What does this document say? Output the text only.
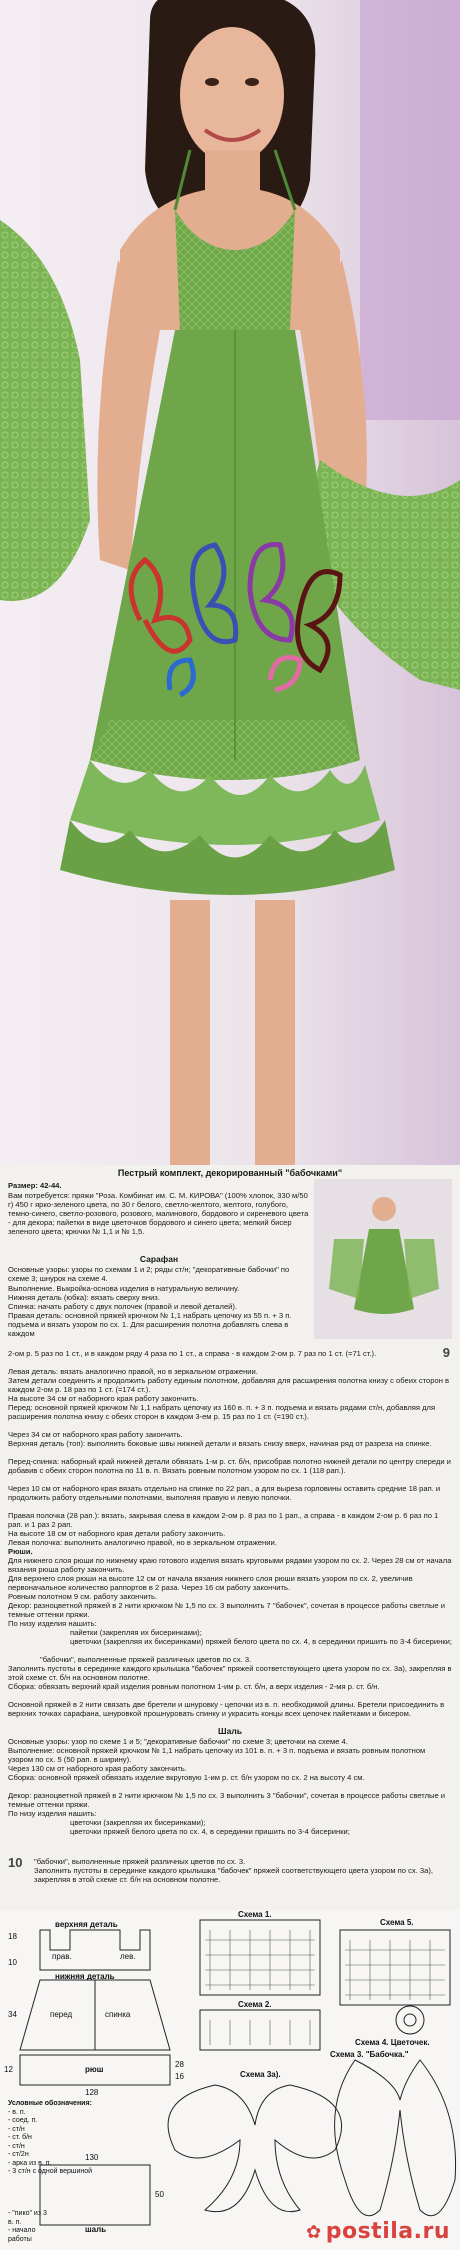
Пестрый комплект, декорированный "бабочками"
Размер: 42-44.
Вам потребуется: пряжи "Роза. Комбинат им. С. М. КИРОВА" (100% хлопок, 330 м/50 г) 450 г ярко-зеленого цвета, по 30 г белого, светло-желтого, желтого, голубого, темно-синего, светло-розового, розового, малинового, бордового и сиреневого цвета - для декора; пайетки в виде цветочков бордового и синего цвета; мелкий бисер зеленого цвета; крючки № 1,1 и № 1,5.
Сарафан
Основные узоры: узоры по схемам 1 и 2; ряды ст/н; "декоративные бабочки" по схеме 3; шнурок на схеме 4.
Выполнение. Выкройка-основа изделия в натуральную величину.
Нижняя деталь (юбка): вязать сверху вниз.
Спинка: начать работу с двух полочек (правой и левой деталей).
Правая деталь: основной пряжей крючком № 1,1 набрать цепочку из 55 п. + 3 п. подъема и вязать узором по сх. 1. Для расширения полотна добавлять слева в каждом
9
2-ом р. 5 раз по 1 ст., и в каждом ряду 4 раза по 1 ст., а справа - в каждом 2-ом р. 7 раз по 1 ст. (=71 ст.).
Левая деталь: вязать аналогично правой, но в зеркальном отражении.
Затем детали соединить и продолжить работу единым полотном, добавляя для расширения полотна книзу с обеих сторон в каждом 2-ом р. 18 раз по 1 ст. (=174 ст.).
На высоте 34 см от наборного края работу закончить.
Перед: основной пряжей крючком № 1,1 набрать цепочку из 160 в. п. + 3 п. подъема и вязать рядами ст/н, добавляя для расширения полотна книзу с обеих сторон в каждом 3-ем р. 15 раз по 1 ст. (=190 ст.).
Через 34 см от наборного края работу закончить.
Верхняя деталь (топ): выполнить боковые швы нижней детали и вязать снизу вверх, начиная ряд от разреза на спинке.
Перед-спинка: наборный край нижней детали обвязать 1-м р. ст. б/н, присобрав полотно нижней детали по центру спереди и добавив с обеих сторон полотна по 11 в. п. Вязать ровным полотном узором по сх. 1 (118 рап.).
Через 10 см от наборного края вязать отдельно на спинке по 22 рап., а для выреза горловины оставить средние 18 рап. и продолжить работу отдельными полотнами, выполняя правую и левую полочки.
Правая полочка (28 рап.): вязать, закрывая слева в каждом 2-ом р. 8 раз по 1 рап., а справа - в каждом 2-ом р. 6 раз по 1 рап. и 1 раз 2 рап.
На высоте 18 см от наборного края детали работу закончить.
Левая полочка: выполнить аналогично правой, но в зеркальном отражении.
Рюши.
Для нижнего слоя рюши по нижнему краю готового изделия вязать круговыми рядами узором по сх. 2. Через 28 см от начала вязания рюша работу закончить.
Для верхнего слоя рюши на высоте 12 см от начала вязания нижнего слоя рюши вязать узором по сх. 2, увеличив первоначальное количество раппортов в 2 раза. Через 16 см работу закончить.
Ровным полотном 9 см. работу закончить.
Декор: разноцветной пряжей в 2 нити крючком № 1,5 по сх. 3 выполнить 7 "бабочек", сочетая в процессе работы светлые и темные оттенки пряжи.
По низу изделия нашить:
пайетки (закрепляя их бисеринками);
цветочки (закрепляя их бисеринками) пряжей белого цвета по сх. 4, в серединки пришить по 3-4 бисеринки;
"бабочки", выполненные пряжей различных цветов по сх. 3.
Заполнить пустоты в серединке каждого крылышка "бабочек" пряжей соответствующего цвета узором по сх. 3а), закрепляя в этой схеме ст. б/н на основном полотне.
Сборка: обвязать верхний край изделия ровным полотном 1-им р. ст. б/н, а верх изделия - 2-мя р. ст. б/н.
Основной пряжей в 2 нити связать две бретели и шнуровку - цепочки из в. п. необходимой длины. Бретели присоединить в верхних точках сарафана, шнуровкой прошнуровать спинку и украсить концы всех цепочек пайетками и бисером.
Шаль
Основные узоры: узор по схеме 1 и 5; "декоративные бабочки" по схеме 3; цветочки на схеме 4.
Выполнение: основной пряжей крючком № 1,1 набрать цепочку из 101 в. п. + 3 п. подъема и вязать ровным полотном узором по сх. 5 (50 рап. в ширину).
Через 130 см от наборного края работу закончить.
Сборка: основной пряжей обвязать изделие вкруговую 1-им р. ст. б/н узором по сх. 2 на высоту 4 см.
Декор: разноцветной пряжей в 2 нити крючком № 1,5 по сх. 3 выполнить 3 "бабочки", сочетая в процессе работы светлые и темные оттенки пряжи.
По низу изделия нашить:
цветочки (закрепляя их бисеринками);
цветочки пряжей белого цвета по сх. 4, в серединки пришить по 3-4 бисеринки;
10 "бабочки", выполненные пряжей различных цветов по сх. 3.
Заполнить пустоты в серединке каждого крылышка "бабочек" пряжей соответствующего цвета узором по сх. 3а), закрепляя в этой схеме ст. б/н на основном полотне.
верхняя деталь
прав.	лев.
нижняя деталь
перед	спинка
рюш
шаль
18
10
34
28
16
12
128
130
50
Схема 1.
Схема 2.
Схема 5.
Схема 4. Цветочек.
Схема 3а).
Схема 3. "Бабочка."
Условные обозначения:
- в. п.
- соед. п.
- ст/н
- ст. б/н
- ст/н
- ст/2н
- арка из в. п.
- 3 ст/н с одной вершиной
- "пико" из 3 в. п.
- начало работы
✿	postila.ru
